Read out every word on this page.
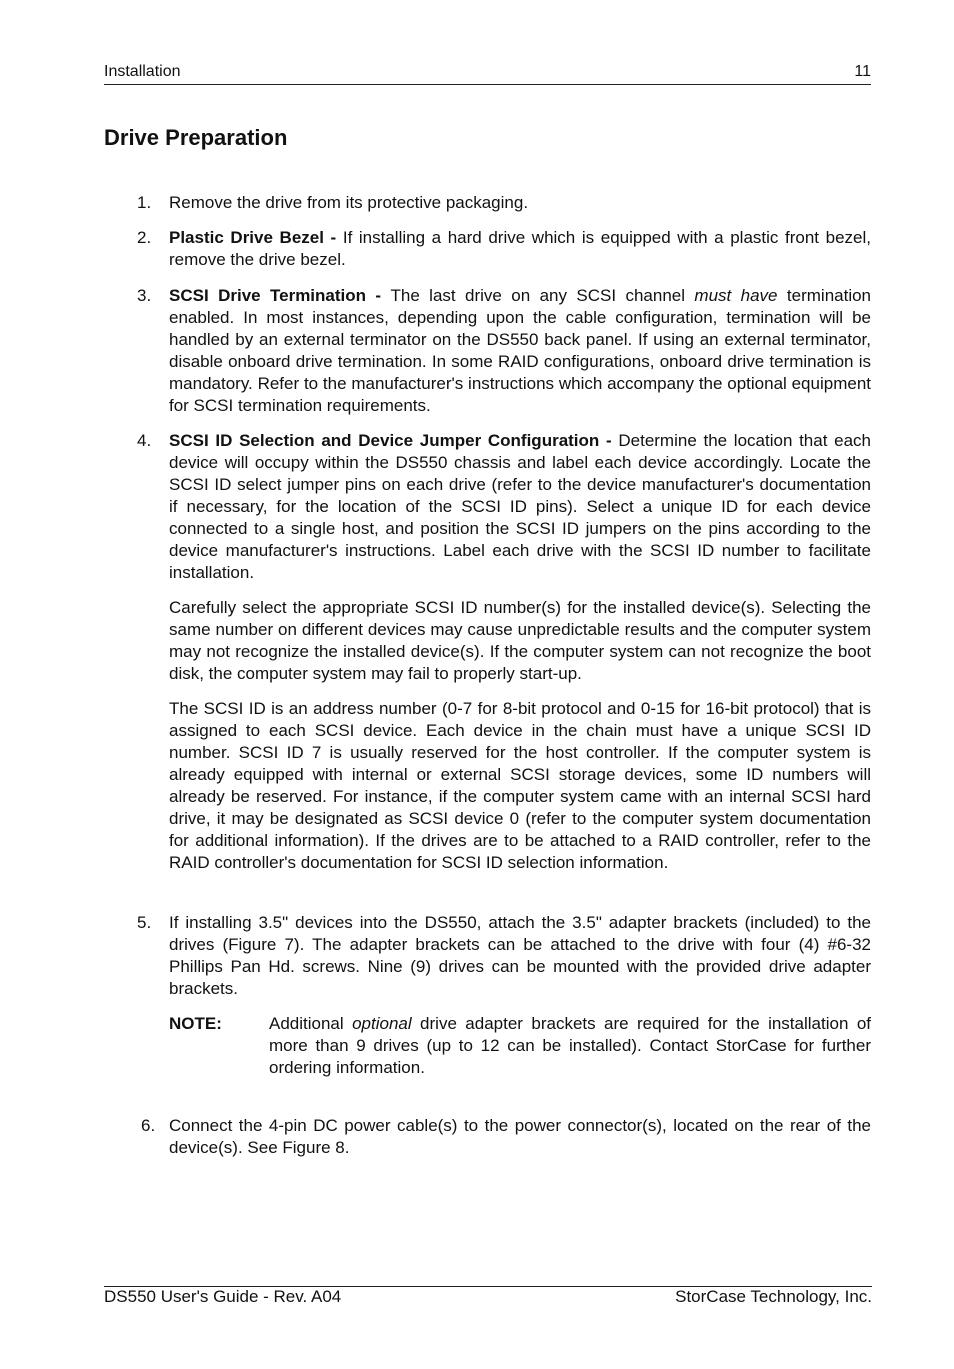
Installation	11
Drive Preparation
1. Remove the drive from its protective packaging.
2. Plastic Drive Bezel - If installing a hard drive which is equipped with a plastic front bezel, remove the drive bezel.
3. SCSI Drive Termination - The last drive on any SCSI channel must have termination enabled. In most instances, depending upon the cable configuration, termination will be handled by an external terminator on the DS550 back panel. If using an external terminator, disable onboard drive termination. In some RAID configurations, onboard drive termination is mandatory. Refer to the manufacturer's instructions which accompany the optional equipment for SCSI termination requirements.
4. SCSI ID Selection and Device Jumper Configuration - Determine the location that each device will occupy within the DS550 chassis and label each device accordingly. Locate the SCSI ID select jumper pins on each drive (refer to the device manufacturer's documentation if necessary, for the location of the SCSI ID pins). Select a unique ID for each device connected to a single host, and position the SCSI ID jumpers on the pins according to the device manufacturer's instructions. Label each drive with the SCSI ID number to facilitate installation.

Carefully select the appropriate SCSI ID number(s) for the installed device(s). Selecting the same number on different devices may cause unpredictable results and the computer system may not recognize the installed device(s). If the computer system can not recognize the boot disk, the computer system may fail to properly start-up.

The SCSI ID is an address number (0-7 for 8-bit protocol and 0-15 for 16-bit protocol) that is assigned to each SCSI device. Each device in the chain must have a unique SCSI ID number. SCSI ID 7 is usually reserved for the host controller. If the computer system is already equipped with internal or external SCSI storage devices, some ID numbers will already be reserved. For instance, if the computer system came with an internal SCSI hard drive, it may be designated as SCSI device 0 (refer to the computer system documentation for additional information). If the drives are to be attached to a RAID controller, refer to the RAID controller's documentation for SCSI ID selection information.

5. If installing 3.5" devices into the DS550, attach the 3.5" adapter brackets (included) to the drives (Figure 7). The adapter brackets can be attached to the drive with four (4) #6-32 Phillips Pan Hd. screws. Nine (9) drives can be mounted with the provided drive adapter brackets.
NOTE:	Additional optional drive adapter brackets are required for the installation of more than 9 drives (up to 12 can be installed). Contact StorCase for further ordering information.
6. Connect the 4-pin DC power cable(s) to the power connector(s), located on the rear of the device(s). See Figure 8.
DS550 User's Guide - Rev. A04	StorCase Technology, Inc.
